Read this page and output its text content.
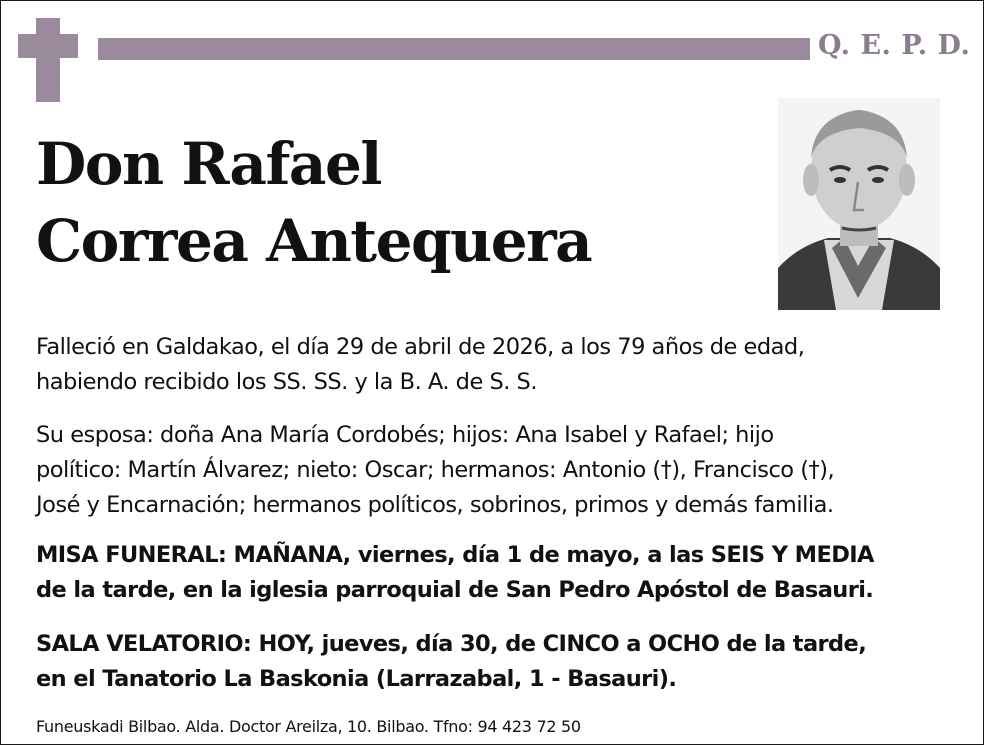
Q. E. P. D.
Don Rafael
Correa Antequera

Falleció en Galdakao, el día 29 de abril de 2026, a los 79 años de edad,
habiendo recibido los SS. SS. y la B. A. de S. S.

Su esposa: doña Ana María Cordobés; hijos: Ana Isabel y Rafael; hijo
político: Martín Álvarez; nieto: Oscar; hermanos: Antonio (†), Francisco (†),
José y Encarnación; hermanos políticos, sobrinos, primos y demás familia.

MISA FUNERAL: MAÑANA, viernes, día 1 de mayo, a las SEIS Y MEDIA
de la tarde, en la iglesia parroquial de San Pedro Apóstol de Basauri.

SALA VELATORIO: HOY, jueves, día 30, de CINCO a OCHO de la tarde,
en el Tanatorio La Baskonia (Larrazabal, 1 - Basauri).

Funeuskadi Bilbao. Alda. Doctor Areilza, 10. Bilbao. Tfno: 94 423 72 50
